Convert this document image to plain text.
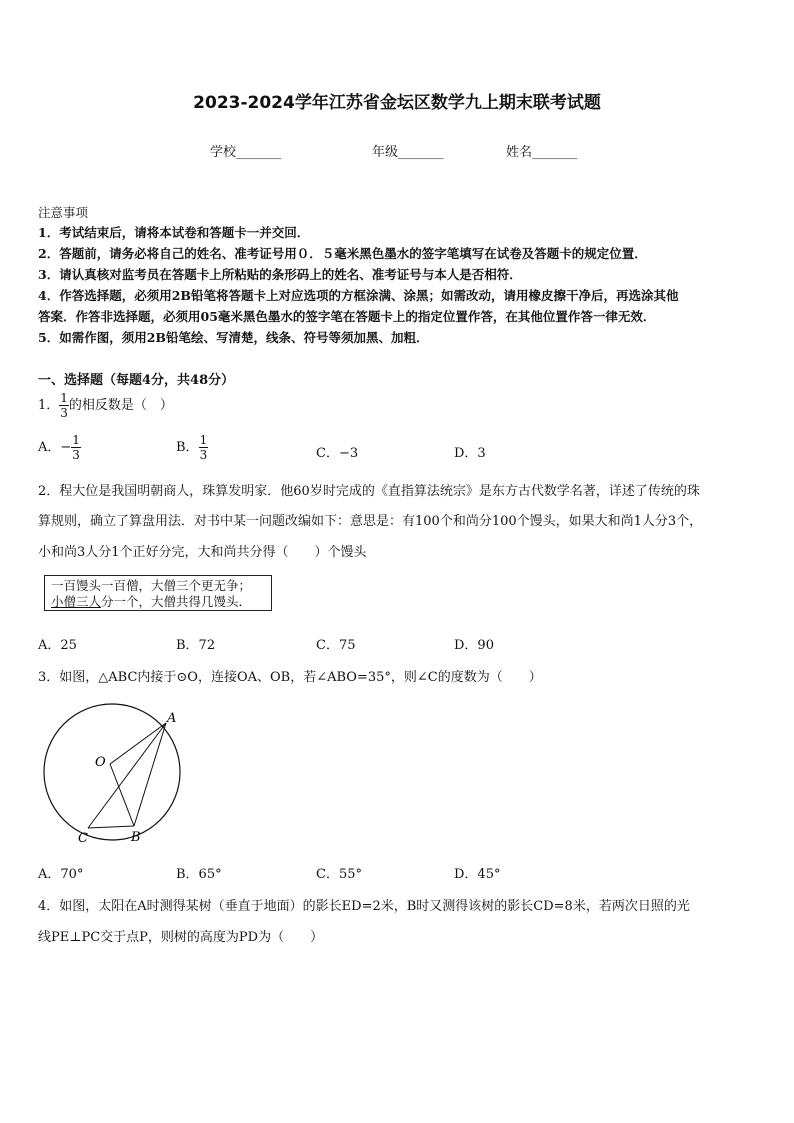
2023-2024学年江苏省金坛区数学九上期末联考试题
学校_______	年级_______	姓名_______
注意事项
1．考试结束后，请将本试卷和答题卡一并交回．
2．答题前，请务必将自己的姓名、准考证号用０．５毫米黑色墨水的签字笔填写在试卷及答题卡的规定位置．
3．请认真核对监考员在答题卡上所粘贴的条形码上的姓名、准考证号与本人是否相符．
4．作答选择题，必须用2B铅笔将答题卡上对应选项的方框涂满、涂黑；如需改动，请用橡皮擦干净后，再选涂其他
答案．作答非选择题，必须用05毫米黑色墨水的签字笔在答题卡上的指定位置作答，在其他位置作答一律无效．
5．如需作图，须用2B铅笔绘、写清楚，线条、符号等须加黑、加粗．
一、选择题（每题4分，共48分）
1． $\frac{1}{3}$ 的相反数是（　）
A．− $\frac{1}{3}$	B． $\frac{1}{3}$	C．−3	D．3
2．程大位是我国明朝商人，珠算发明家．他60岁时完成的《直指算法统宗》是东方古代数学名著，详述了传统的珠
算规则，确立了算盘用法．对书中某一问题改编如下：意思是：有100个和尚分100个馒头，如果大和尚1人分3个，
小和尚3人分1个正好分完，大和尚共分得（　　）个馒头
一百馒头一百僧，大僧三个更无争；
小僧三人分一个，大僧共得几馒头．
A．25	B．72	C．75	D．90
3．如图，△ABC内接于⊙O，连接OA、OB，若∠ABO=35°，则∠C的度数为（　　）
A
O
C	B
A．70°	B．65°	C．55°	D．45°
4．如图，太阳在A时测得某树（垂直于地面）的影长ED=2米，B时又测得该树的影长CD=8米，若两次日照的光
线PE⊥PC交于点P，则树的高度为PD为（　　）
